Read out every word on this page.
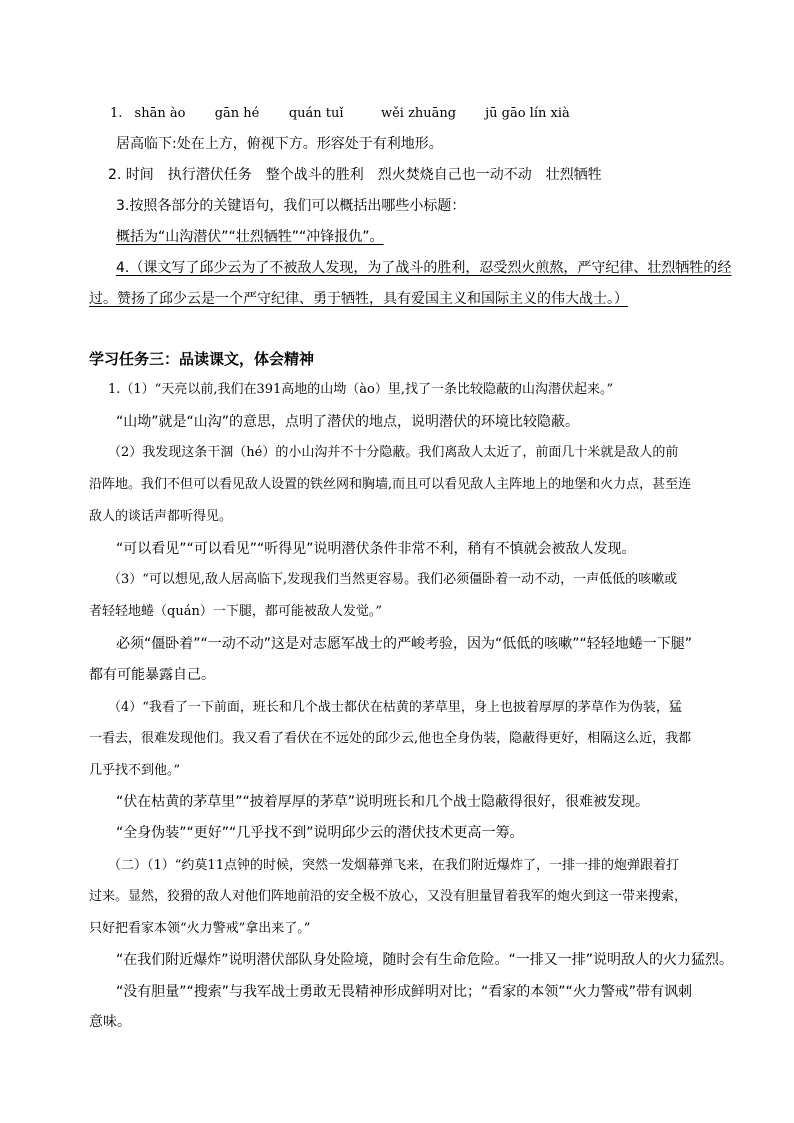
1. shān ào gān hé quán tuǐ	wěi zhuāng jū gāo lín xià
居高临下:处在上方，俯视下方。形容处于有利地形。
2. 时间　执行潜伏任务　整个战斗的胜利　烈火焚烧自己也一动不动　壮烈牺牲
3.按照各部分的关键语句，我们可以概括出哪些小标题：
概括为“山沟潜伏”“壮烈牺牲”“冲锋报仇”。
4.（课文写了邱少云为了不被敌人发现，为了战斗的胜利，忍受烈火煎熬，严守纪律、壮烈牺牲的经
过。赞扬了邱少云是一个严守纪律、勇于牺牲，具有爱国主义和国际主义的伟大战士。）
学习任务三：品读课文，体会精神
1.（1）“天亮以前,我们在391高地的山坳（ào）里,找了一条比较隐蔽的山沟潜伏起来。”
“山坳”就是“山沟”的意思，点明了潜伏的地点，说明潜伏的环境比较隐蔽。
（2）我发现这条干涸（hé）的小山沟并不十分隐蔽。我们离敌人太近了，前面几十米就是敌人的前
沿阵地。我们不但可以看见敌人设置的铁丝网和胸墙,而且可以看见敌人主阵地上的地堡和火力点，甚至连
敌人的谈话声都听得见。
“可以看见”“可以看见”“听得见”说明潜伏条件非常不利，稍有不慎就会被敌人发现。
（3）“可以想见,敌人居高临下,发现我们当然更容易。我们必须僵卧着一动不动，一声低低的咳嗽或
者轻轻地蜷（quán）一下腿，都可能被敌人发觉。”
必须“僵卧着”“一动不动”这是对志愿军战士的严峻考验，因为“低低的咳嗽”“轻轻地蜷一下腿”
都有可能暴露自己。
（4）“我看了一下前面，班长和几个战士都伏在枯黄的茅草里，身上也披着厚厚的茅草作为伪装，猛
一看去，很难发现他们。我又看了看伏在不远处的邱少云,他也全身伪装，隐蔽得更好，相隔这么近，我都
几乎找不到他。”
“伏在枯黄的茅草里”“披着厚厚的茅草”说明班长和几个战士隐蔽得很好，很难被发现。
“全身伪装”“更好”“几乎找不到”说明邱少云的潜伏技术更高一筹。
（二）（1）“约莫11点钟的时候，突然一发烟幕弹飞来，在我们附近爆炸了，一排一排的炮弹跟着打
过来。显然，狡猾的敌人对他们阵地前沿的安全极不放心，又没有胆量冒着我军的炮火到这一带来搜索，
只好把看家本领“火力警戒”拿出来了。”
“在我们附近爆炸”说明潜伏部队身处险境，随时会有生命危险。“一排又一排”说明敌人的火力猛烈。
“没有胆量”“搜索”与我军战士勇敢无畏精神形成鲜明对比；“看家的本领”“火力警戒”带有讽刺
意味。
